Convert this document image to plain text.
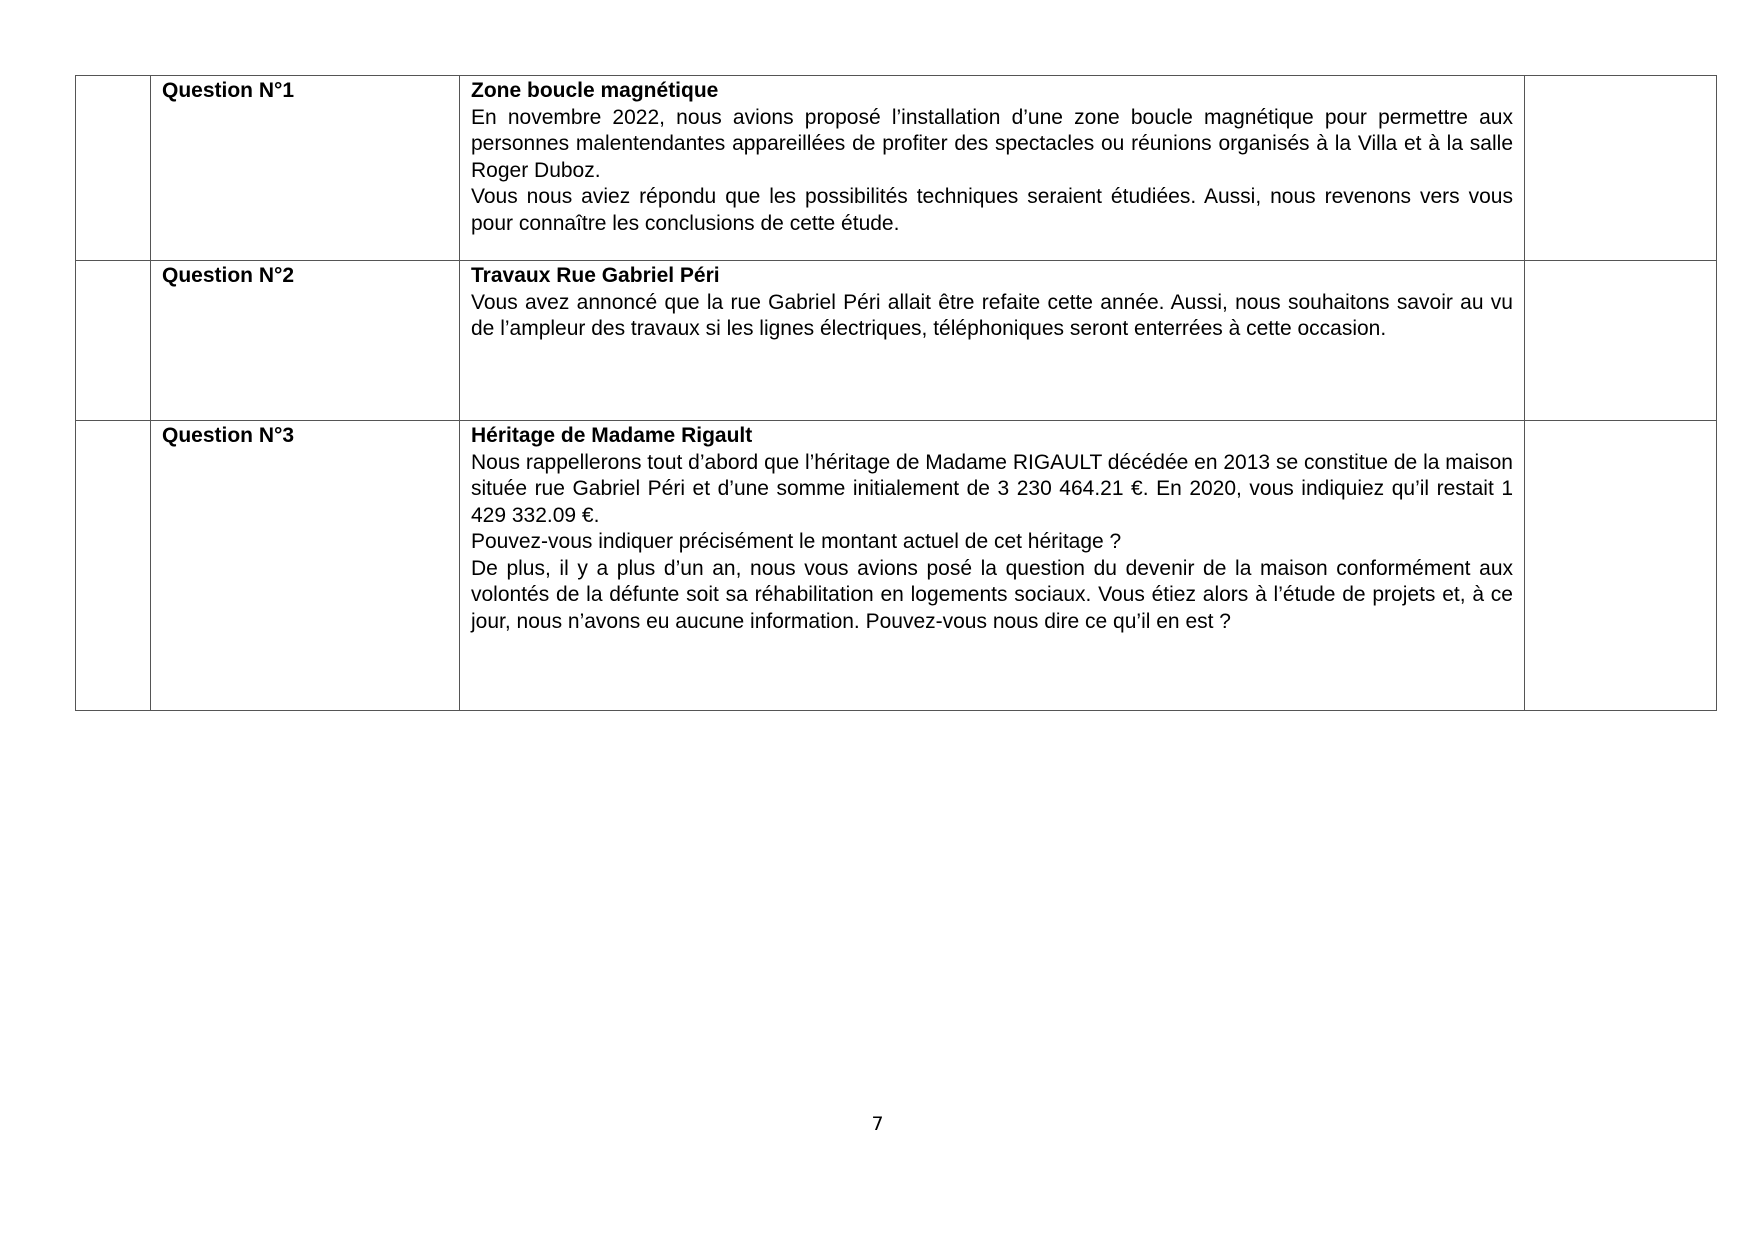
	Question N°1	Zone boucle magnétique
En novembre 2022, nous avions proposé l’installation d’une zone boucle magnétique pour permettre aux personnes malentendantes appareillées de profiter des spectacles ou réunions organisés à la Villa et à la salle Roger Duboz.
Vous nous aviez répondu que les possibilités techniques seraient étudiées. Aussi, nous revenons vers vous pour connaître les conclusions de cette étude.	

	Question N°2	Travaux Rue Gabriel Péri
Vous avez annoncé que la rue Gabriel Péri allait être refaite cette année. Aussi, nous souhaitons savoir au vu de l’ampleur des travaux si les lignes électriques, téléphoniques seront enterrées à cette occasion.	

	Question N°3	Héritage de Madame Rigault
Nous rappellerons tout d’abord que l’héritage de Madame RIGAULT décédée en 2013 se constitue de la maison située rue Gabriel Péri et d’une somme initialement de 3 230 464.21 €. En 2020, vous indiquiez qu’il restait 1 429 332.09 €.
Pouvez-vous indiquer précisément le montant actuel de cet héritage ?
De plus, il y a plus d’un an, nous vous avions posé la question du devenir de la maison conformément aux volontés de la défunte soit sa réhabilitation en logements sociaux. Vous étiez alors à l’étude de projets et, à ce jour, nous n’avons eu aucune information. Pouvez-vous nous dire ce qu’il en est ?	

7
